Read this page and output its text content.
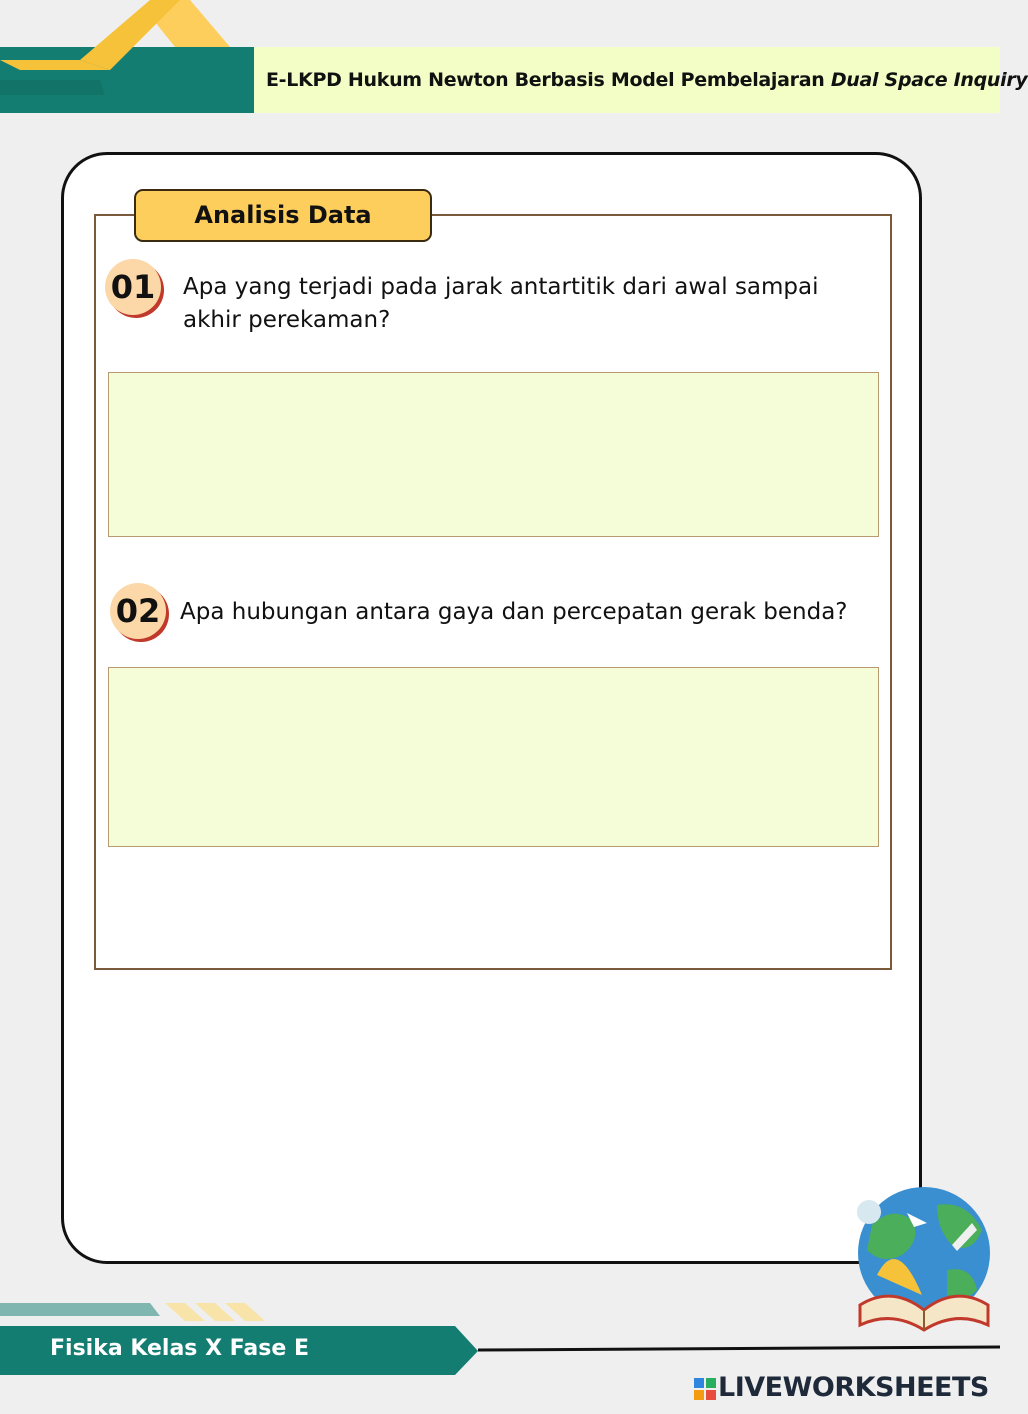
E-LKPD Hukum Newton Berbasis Model Pembelajaran Dual Space Inquiry
Analisis Data
01 Apa yang terjadi pada jarak antartitik dari awal sampai akhir perekaman?
02 Apa hubungan antara gaya dan percepatan gerak benda?
Fisika Kelas X Fase E
LIVEWORKSHEETS
